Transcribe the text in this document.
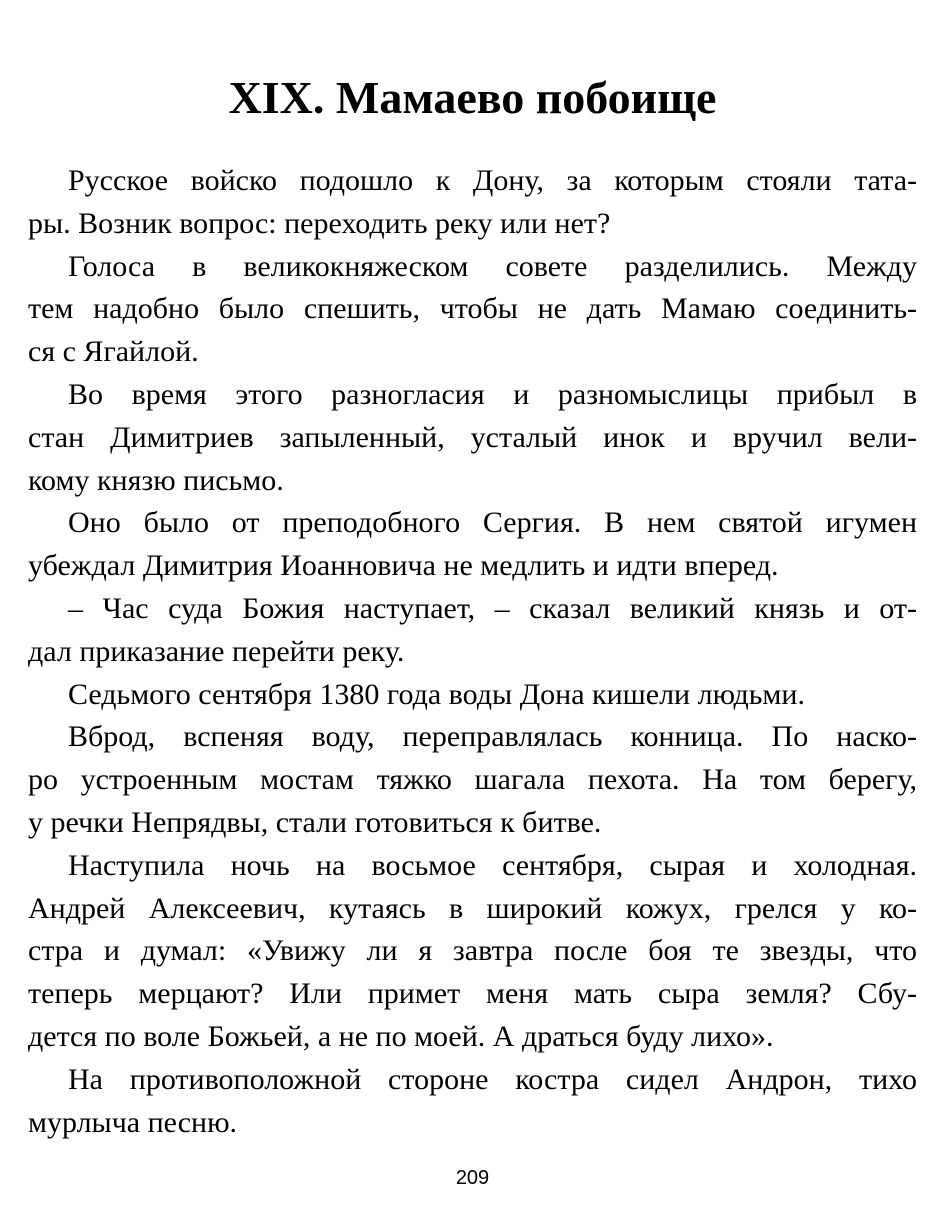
XIX. Мамаево побоище

Русское войско подошло к Дону, за которым стояли тата-
ры. Возник вопрос: переходить реку или нет?

Голоса в великокняжеском совете разделились. Между
тем надобно было спешить, чтобы не дать Мамаю соединить-
ся с Ягайлой.

Во время этого разногласия и разномыслицы прибыл в
стан Димитриев запыленный, усталый инок и вручил вели-
кому князю письмо.

Оно было от преподобного Сергия. В нем святой игумен
убеждал Димитрия Иоанновича не медлить и идти вперед.

– Час суда Божия наступает, – сказал великий князь и от-
дал приказание перейти реку.

Седьмого сентября 1380 года воды Дона кишели людьми.

Вброд, вспеняя воду, переправлялась конница. По наско-
ро устроенным мостам тяжко шагала пехота. На том берегу,
у речки Непрядвы, стали готовиться к битве.

Наступила ночь на восьмое сентября, сырая и холодная.
Андрей Алексеевич, кутаясь в широкий кожух, грелся у ко-
стра и думал: «Увижу ли я завтра после боя те звезды, что
теперь мерцают? Или примет меня мать сыра земля? Сбу-
дется по воле Божьей, а не по моей. А драться буду лихо».

На противоположной стороне костра сидел Андрон, тихо
мурлыча песню.

209
